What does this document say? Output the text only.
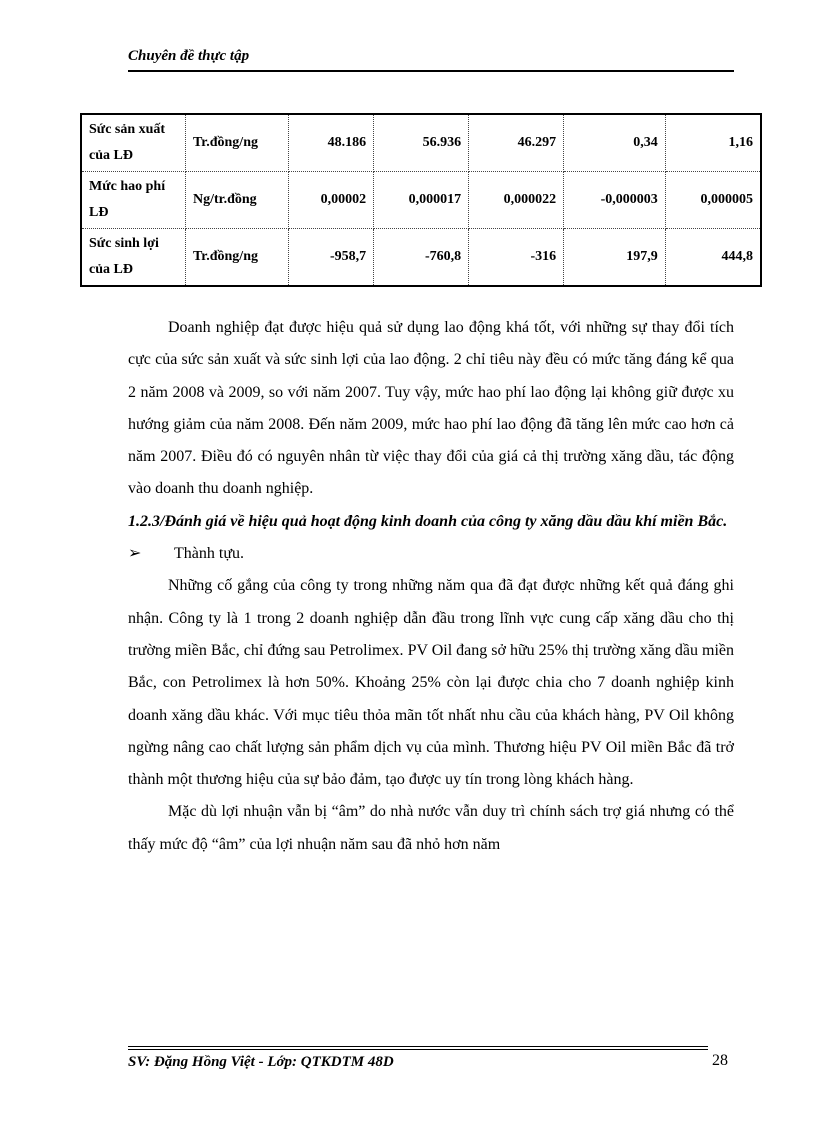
Chuyên đề thực tập
Sức sản xuất
của LĐ	Tr.đồng/ng	48.186	56.936	46.297	0,34	1,16
Mức hao phí
LĐ	Ng/tr.đồng	0,00002	0,000017	0,000022	-0,000003	0,000005
Sức sinh lợi
của LĐ	Tr.đồng/ng	-958,7	-760,8	-316	197,9	444,8

Doanh nghiệp đạt được hiệu quả sử dụng lao động khá tốt, với những sự thay đổi tích cực của sức sản xuất và sức sinh lợi của lao động. 2 chỉ tiêu này đều có mức tăng đáng kể qua 2 năm 2008 và 2009, so với năm 2007. Tuy vậy, mức hao phí lao động lại không giữ được xu hướng giảm của năm 2008. Đến năm 2009, mức hao phí lao động đã tăng lên mức cao hơn cả năm 2007. Điều đó có nguyên nhân từ việc thay đổi của giá cả thị trường xăng dầu, tác động vào doanh thu doanh nghiệp.

1.2.3/Đánh giá về hiệu quả hoạt động kinh doanh của công ty xăng dầu dầu khí miền Bắc.

➢	Thành tựu.

Những cố gắng của công ty trong những năm qua đã đạt được những kết quả đáng ghi nhận. Công ty là 1 trong 2 doanh nghiệp dẫn đầu trong lĩnh vực cung cấp xăng dầu cho thị trường miền Bắc, chỉ đứng sau Petrolimex. PV Oil đang sở hữu 25% thị trường xăng dầu miền Bắc, con Petrolimex là hơn 50%. Khoảng 25% còn lại được chia cho 7 doanh nghiệp kinh doanh xăng dầu khác. Với mục tiêu thỏa mãn tốt nhất nhu cầu của khách hàng, PV Oil không ngừng nâng cao chất lượng sản phẩm dịch vụ của mình. Thương hiệu PV Oil miền Bắc đã trở thành một thương hiệu của sự bảo đảm, tạo được uy tín trong lòng khách hàng.

Mặc dù lợi nhuận vẫn bị “âm” do nhà nước vẫn duy trì chính sách trợ giá nhưng có thể thấy mức độ “âm” của lợi nhuận năm sau đã nhỏ hơn năm

SV: Đặng Hồng Việt - Lớp: QTKDTM 48D	28
